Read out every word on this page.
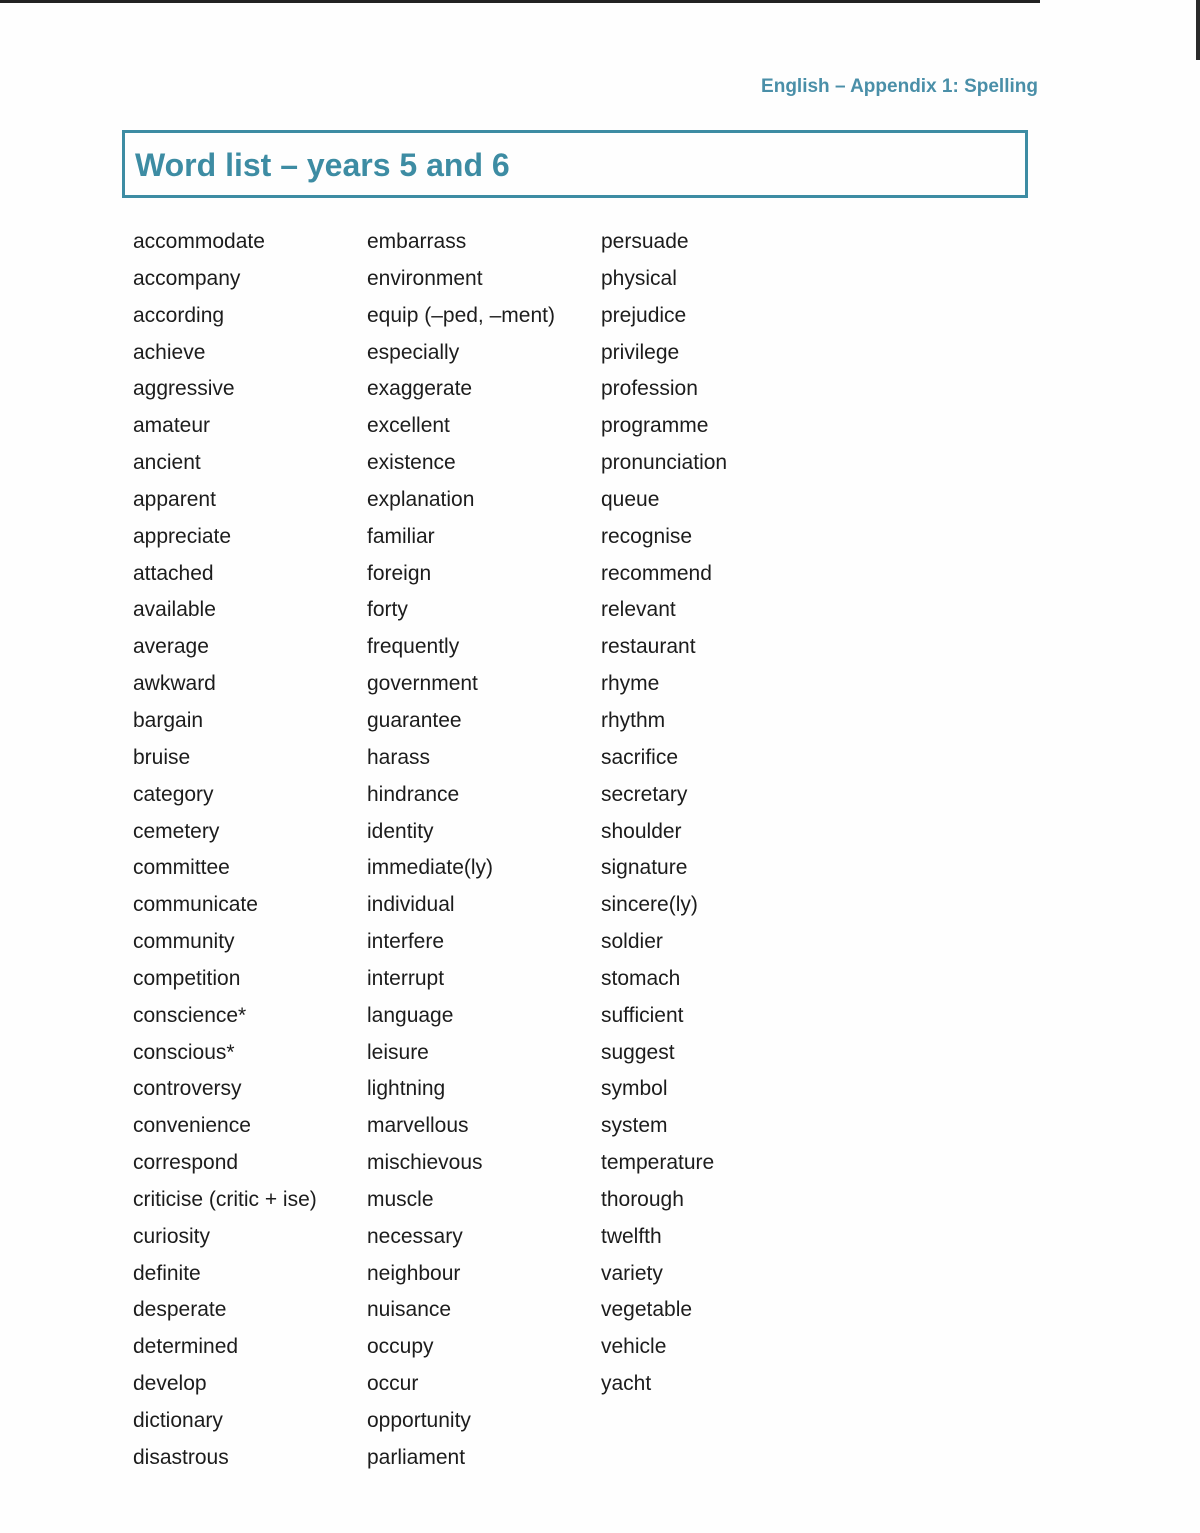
English – Appendix 1: Spelling
Word list – years 5 and 6
accommodate
accompany
according
achieve
aggressive
amateur
ancient
apparent
appreciate
attached
available
average
awkward
bargain
bruise
category
cemetery
committee
communicate
community
competition
conscience*
conscious*
controversy
convenience
correspond
criticise (critic + ise)
curiosity
definite
desperate
determined
develop
dictionary
disastrous
embarrass
environment
equip (–ped, –ment)
especially
exaggerate
excellent
existence
explanation
familiar
foreign
forty
frequently
government
guarantee
harass
hindrance
identity
immediate(ly)
individual
interfere
interrupt
language
leisure
lightning
marvellous
mischievous
muscle
necessary
neighbour
nuisance
occupy
occur
opportunity
parliament
persuade
physical
prejudice
privilege
profession
programme
pronunciation
queue
recognise
recommend
relevant
restaurant
rhyme
rhythm
sacrifice
secretary
shoulder
signature
sincere(ly)
soldier
stomach
sufficient
suggest
symbol
system
temperature
thorough
twelfth
variety
vegetable
vehicle
yacht
